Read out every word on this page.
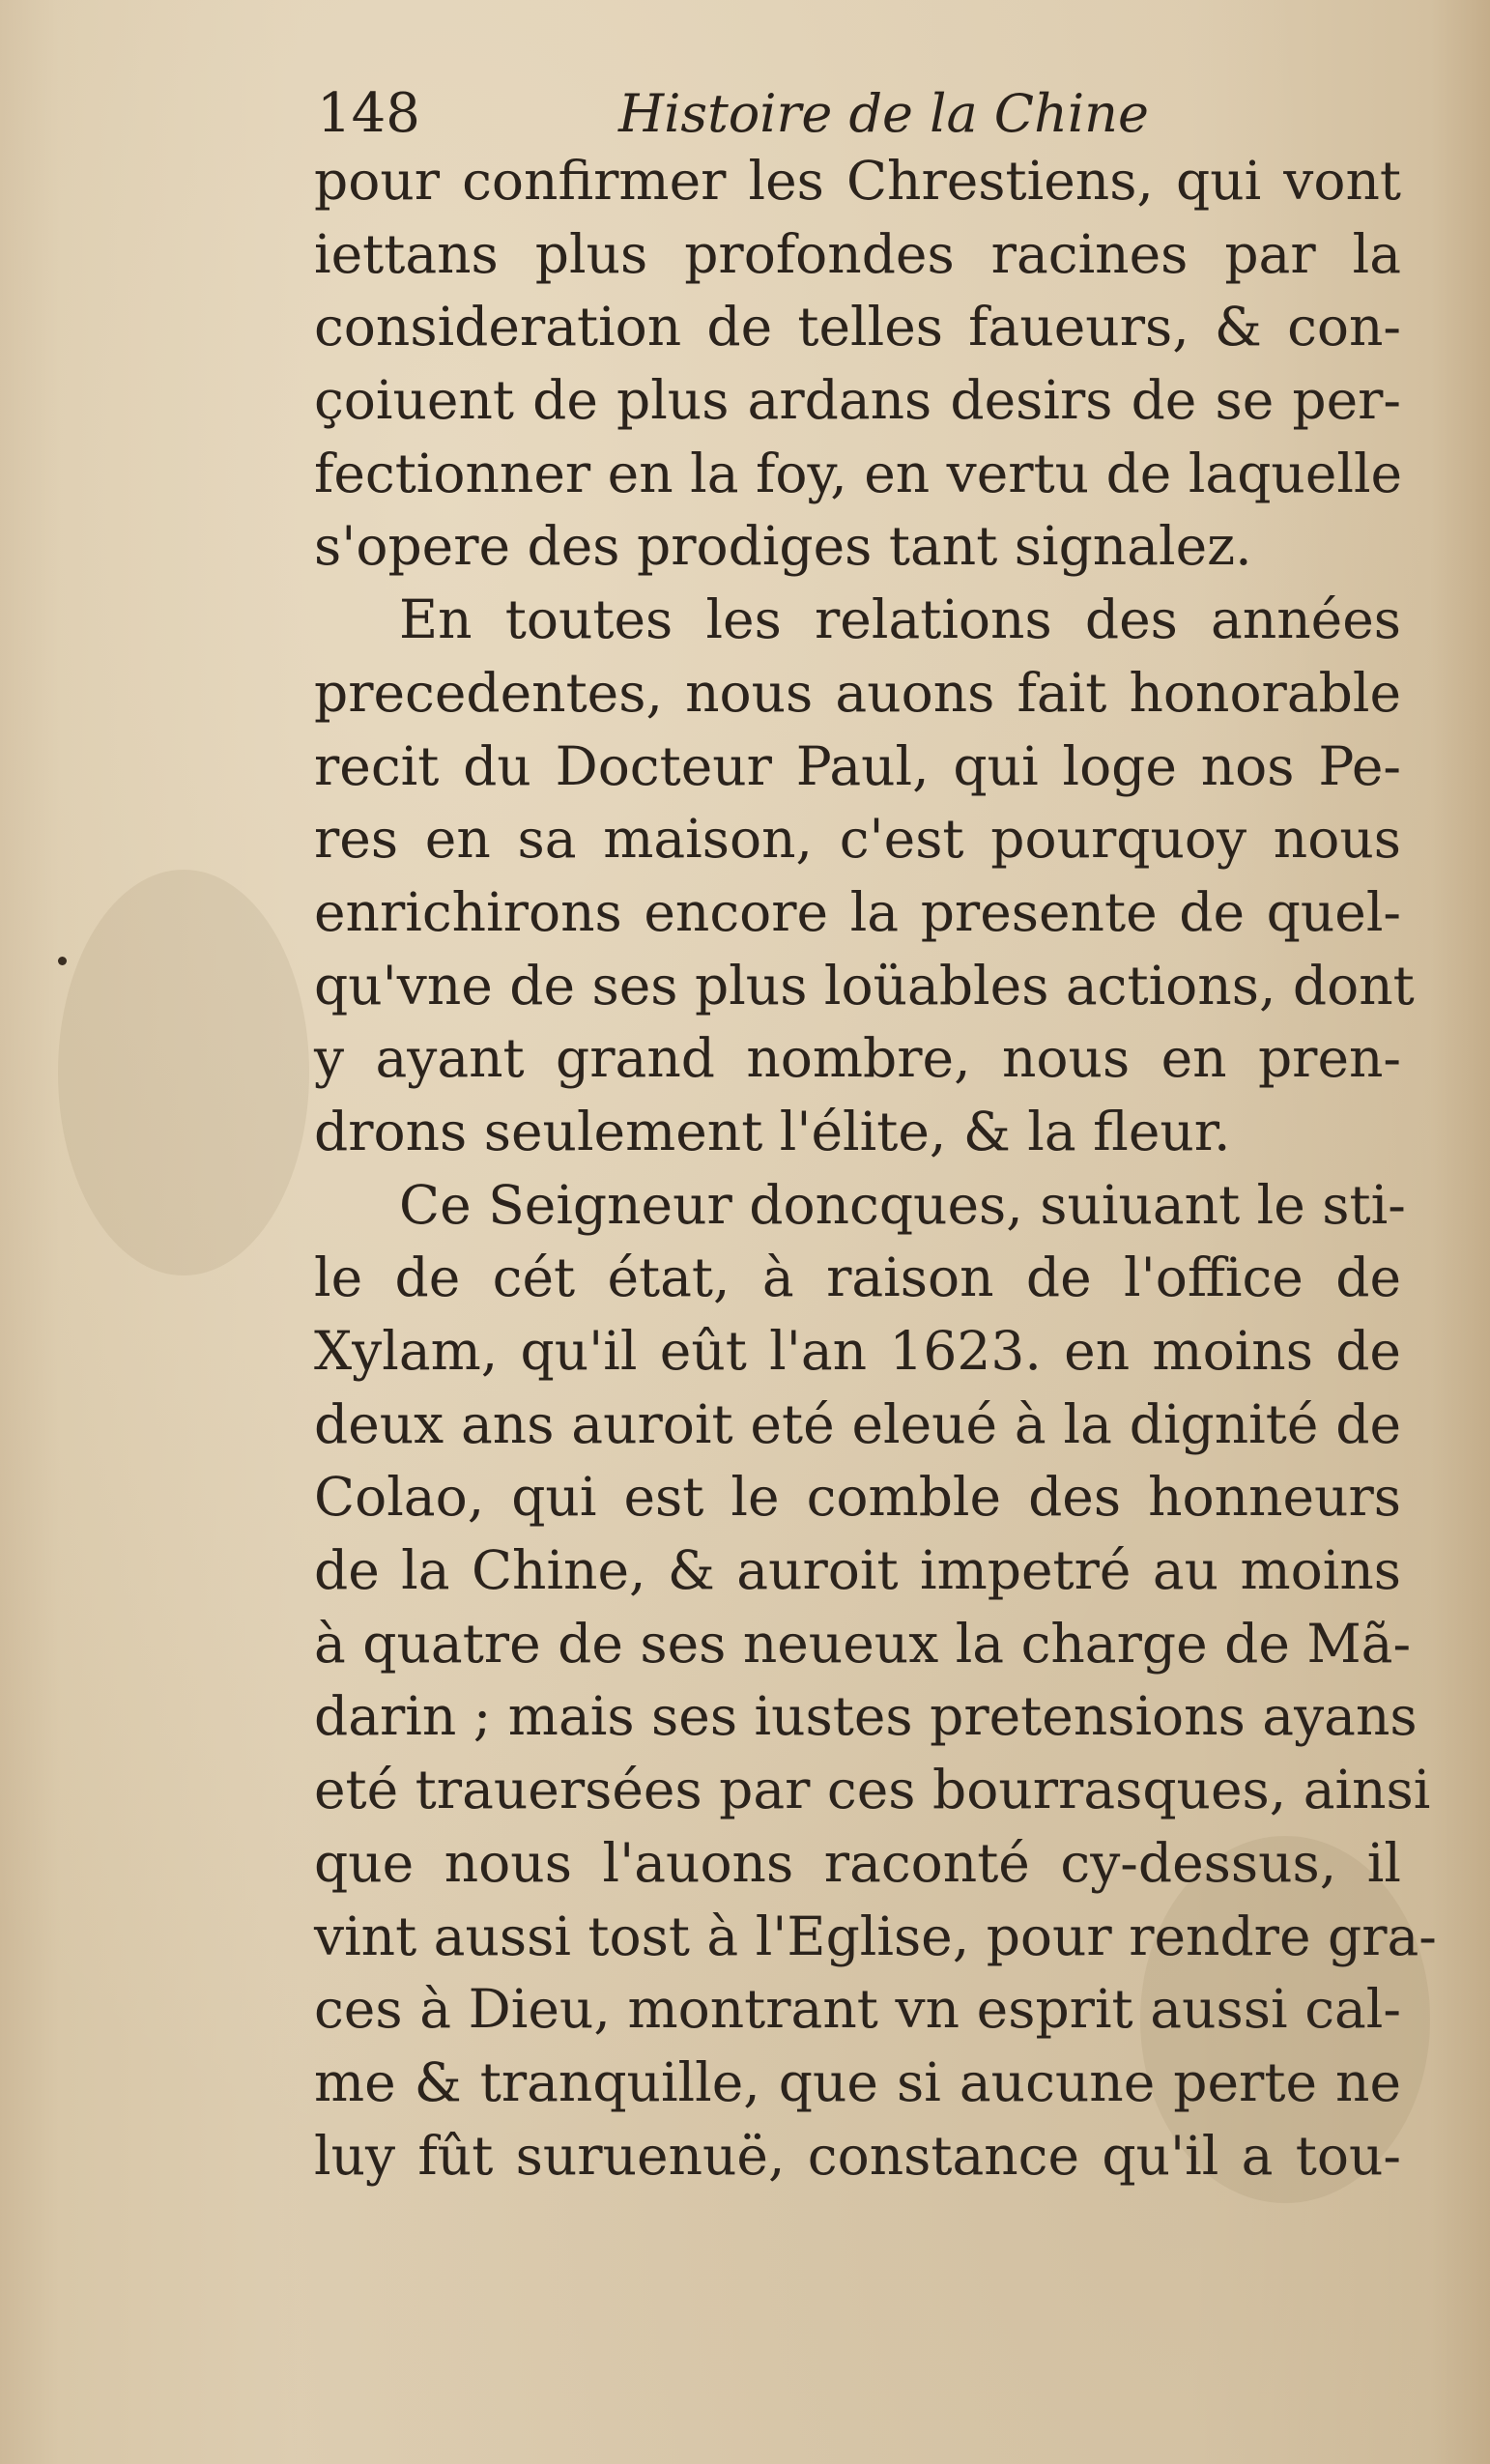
148	Histoire de la Chine
pour confirmer les Chrestiens, qui vont
iettans plus profondes racines par la
consideration de telles faueurs, & con-
çoiuent de plus ardans desirs de se per-
fectionner en la foy, en vertu de laquelle
s'opere des prodiges tant signalez.
En toutes les relations des années
precedentes, nous auons fait honorable
recit du Docteur Paul, qui loge nos Pe-
res en sa maison, c'est pourquoy nous
enrichirons encore la presente de quel-
qu'vne de ses plus loüables actions, dont
y ayant grand nombre, nous en pren-
drons seulement l'élite, & la fleur.
Ce Seigneur doncques, suiuant le sti-
le de cét état, à raison de l'office de
Xylam, qu'il eût l'an 1623. en moins de
deux ans auroit eté eleué à la dignité de
Colao, qui est le comble des honneurs
de la Chine, & auroit impetré au moins
à quatre de ses neueux la charge de Mã-
darin ; mais ses iustes pretensions ayans
eté trauersées par ces bourrasques, ainsi
que nous l'auons raconté cy-dessus, il
vint aussi tost à l'Eglise, pour rendre gra-
ces à Dieu, montrant vn esprit aussi cal-
me & tranquille, que si aucune perte ne
luy fût suruenuë, constance qu'il a tou-
